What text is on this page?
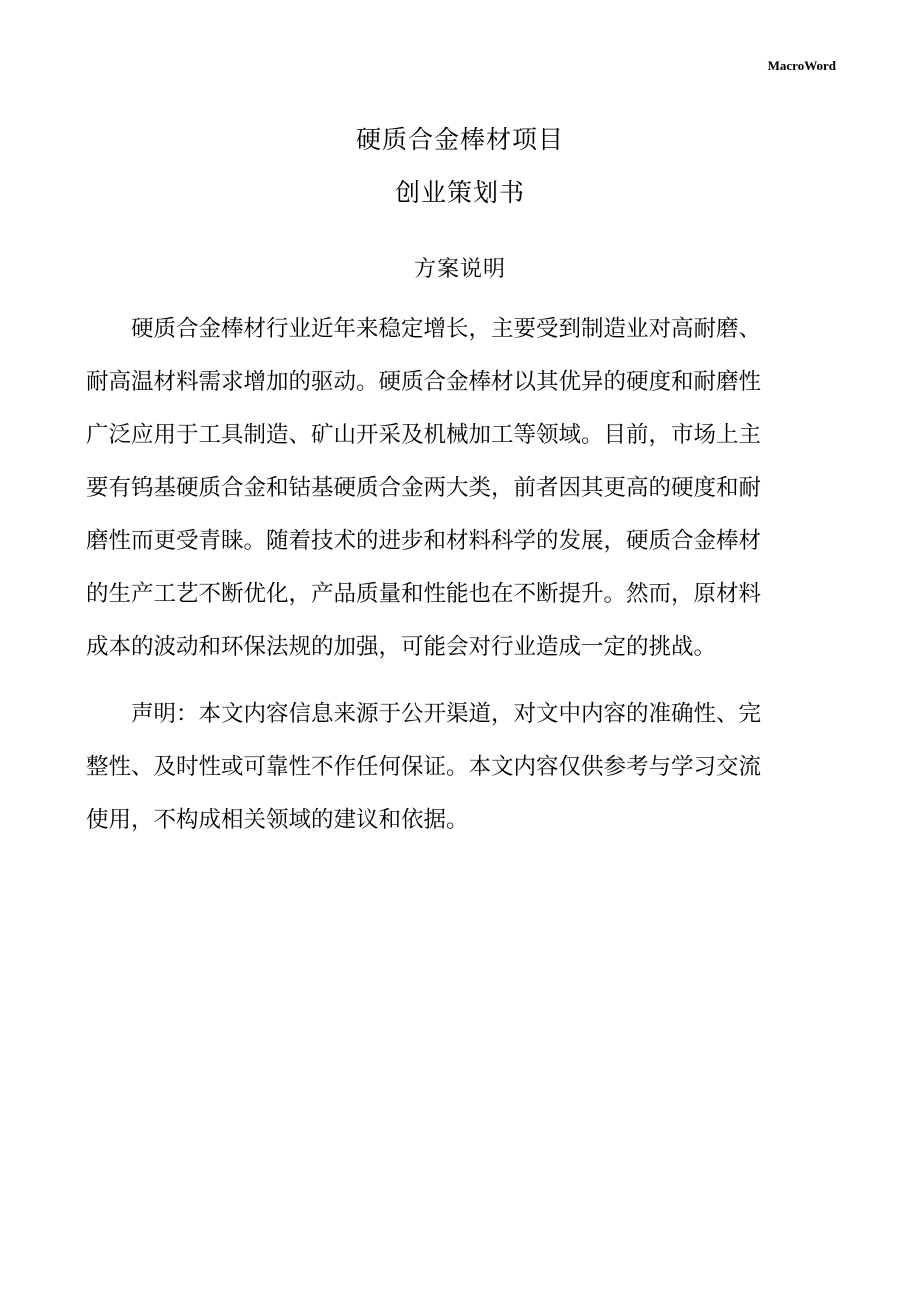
MacroWord
硬质合金棒材项目
创业策划书
方案说明
　　硬质合金棒材行业近年来稳定增长，主要受到制造业对高耐磨、
耐高温材料需求增加的驱动。硬质合金棒材以其优异的硬度和耐磨性
广泛应用于工具制造、矿山开采及机械加工等领域。目前，市场上主
要有钨基硬质合金和钴基硬质合金两大类，前者因其更高的硬度和耐
磨性而更受青睐。随着技术的进步和材料科学的发展，硬质合金棒材
的生产工艺不断优化，产品质量和性能也在不断提升。然而，原材料
成本的波动和环保法规的加强，可能会对行业造成一定的挑战。
　　声明：本文内容信息来源于公开渠道，对文中内容的准确性、完
整性、及时性或可靠性不作任何保证。本文内容仅供参考与学习交流
使用，不构成相关领域的建议和依据。
